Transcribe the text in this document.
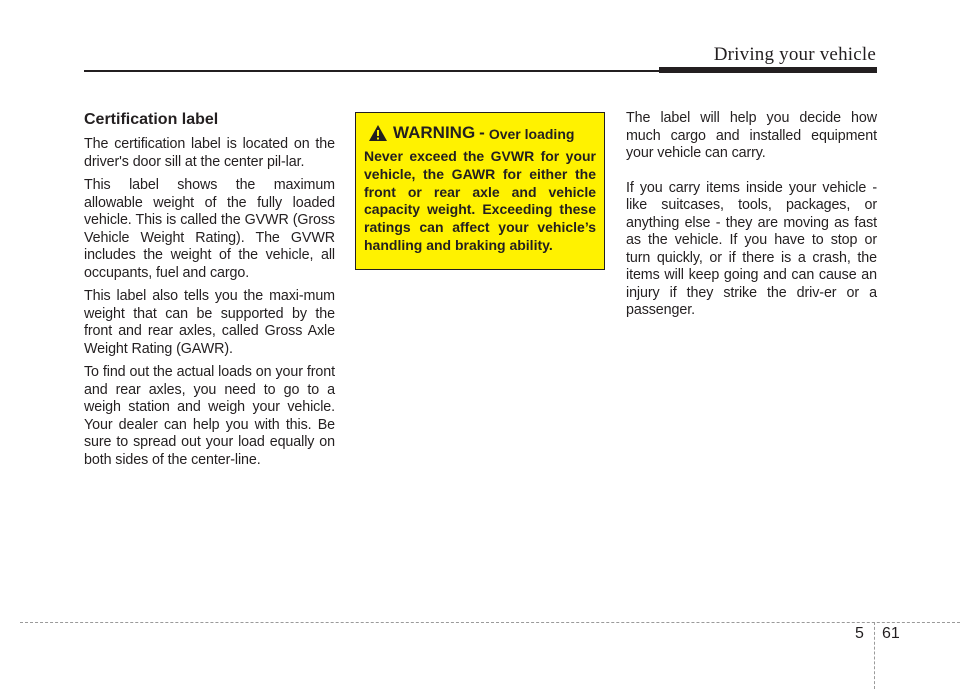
Driving your vehicle
Certification label

The certification label is located on the driver's door sill at the center pil-lar.

This label shows the maximum allowable weight of the fully loaded vehicle. This is called the GVWR (Gross Vehicle Weight Rating). The GVWR includes the weight of the vehicle, all occupants, fuel and cargo.

This label also tells you the maxi-mum weight that can be supported by the front and rear axles, called Gross Axle Weight Rating (GAWR).

To find out the actual loads on your front and rear axles, you need to go to a weigh station and weigh your vehicle. Your dealer can help you with this. Be sure to spread out your load equally on both sides of the center-line.

WARNING - Over loading

Never exceed the GVWR for your vehicle, the GAWR for either the front or rear axle and vehicle capacity weight. Exceeding these ratings can affect your vehicle’s handling and braking ability.

The label will help you decide how much cargo and installed equipment your vehicle can carry.

If you carry items inside your vehicle - like suitcases, tools, packages, or anything else - they are moving as fast as the vehicle. If you have to stop or turn quickly, or if there is a crash, the items will keep going and can cause an injury if they strike the driv-er or a passenger.

5 61
